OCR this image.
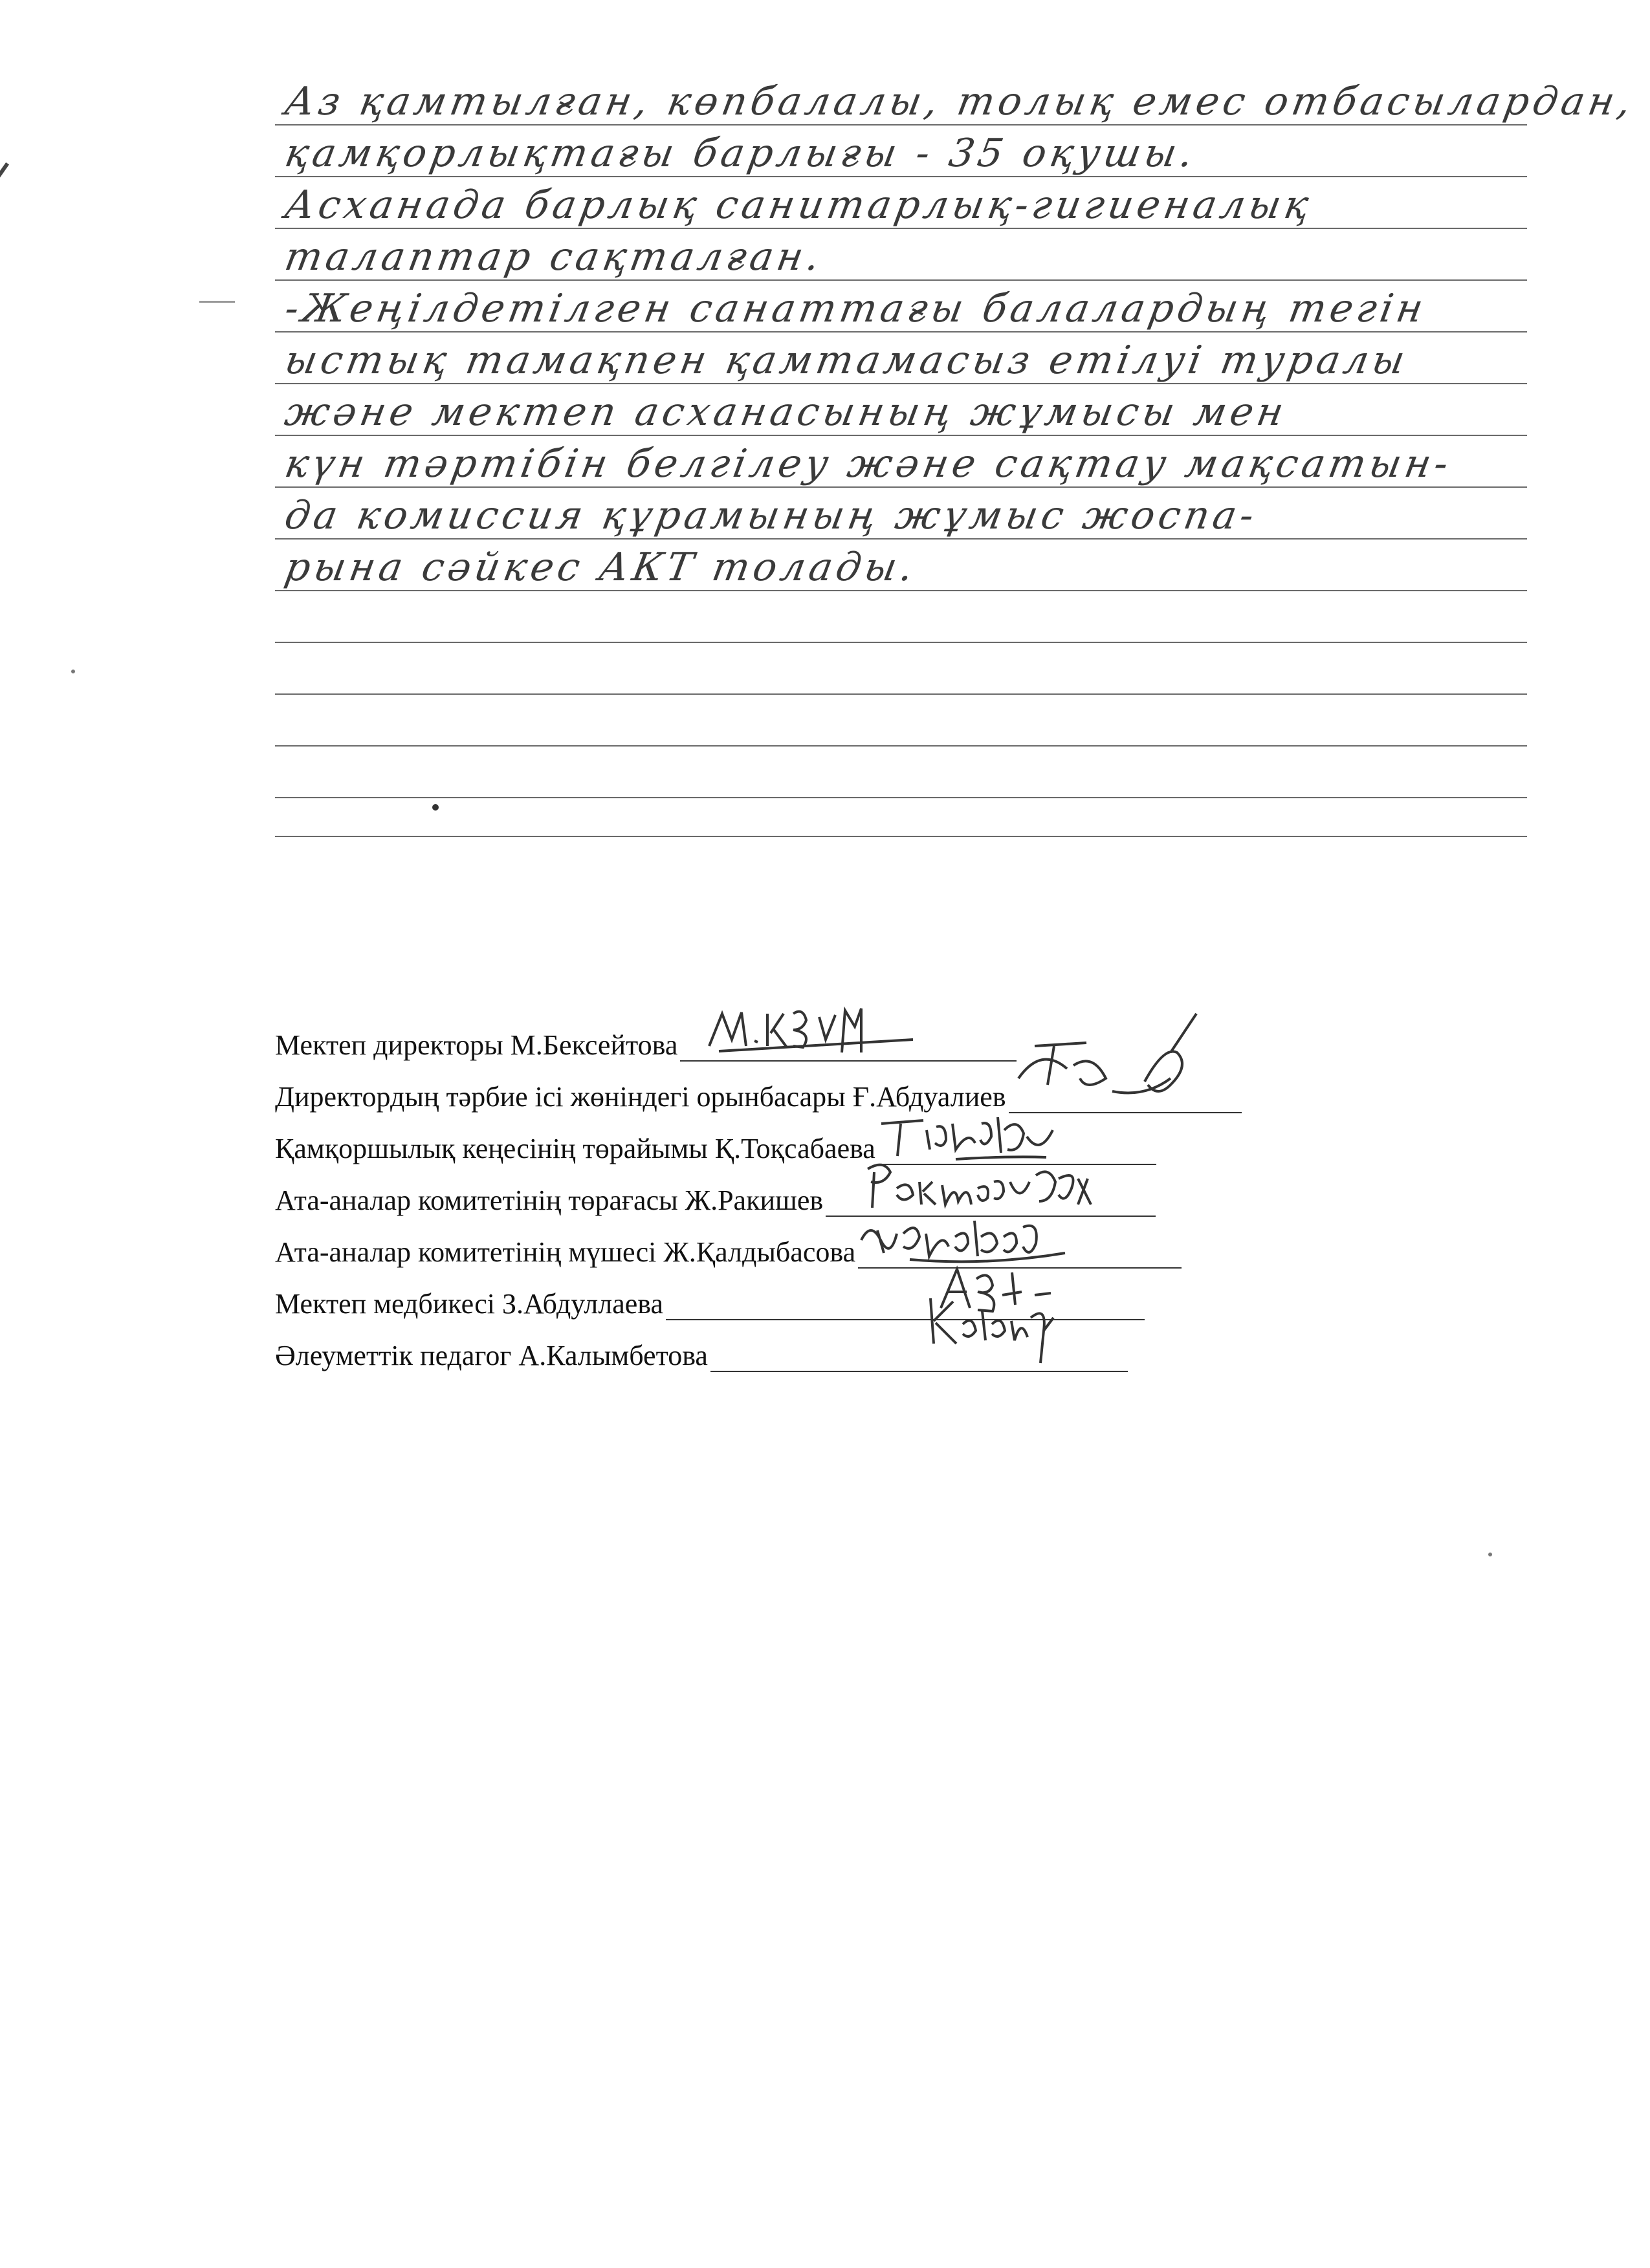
Аз қамтылған, көпбалалы, толық емес отбасылардан,
қамқорлықтағы барлығы - 35 оқушы.
Асханада барлық санитарлық-гигиеналық
талаптар сақталған.
-Жеңілдетілген санаттағы балалардың тегін
ыстық тамақпен қамтамасыз етілуі туралы
және мектеп асханасының жұмысы мен
күн тәртібін белгілеу және сақтау мақсатын-
да комиссия құрамының жұмыс жоспа-
рына сәйкес АКТ толады.
Мектеп директоры М.Бексейтова
Директордың тәрбие ісі жөніндегі орынбасары Ғ.Абдуалиев
Қамқоршылық кеңесінің төрайымы Қ.Тоқсабаева
Ата-аналар комитетінің төрағасы Ж.Ракишев
Ата-аналар комитетінің мүшесі Ж.Қалдыбасова
Мектеп медбикесі З.Абдуллаева
Әлеуметтік педагог А.Калымбетова
